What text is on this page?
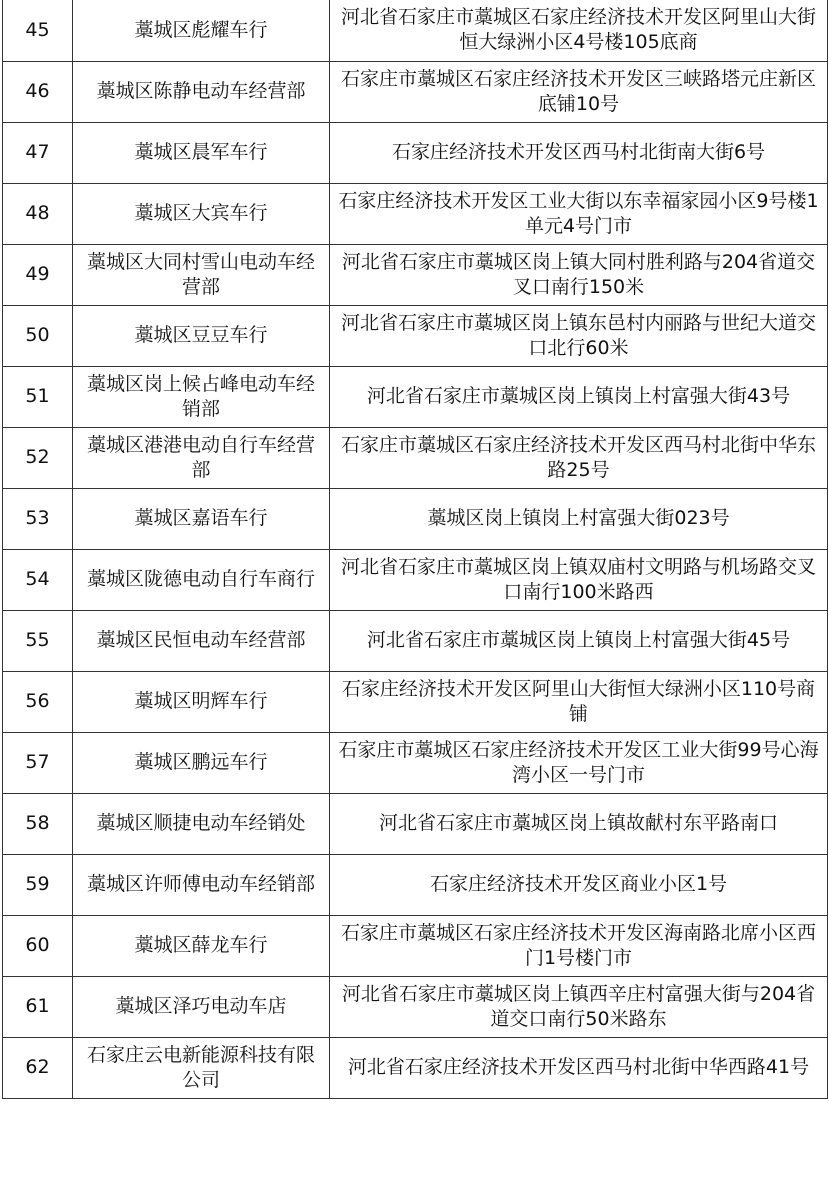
45	藁城区彪耀车行	河北省石家庄市藁城区石家庄经济技术开发区阿里山大街恒大绿洲小区4号楼105底商
46	藁城区陈静电动车经营部	石家庄市藁城区石家庄经济技术开发区三峡路塔元庄新区底铺10号
47	藁城区晨军车行	石家庄经济技术开发区西马村北街南大街6号
48	藁城区大宾车行	石家庄经济技术开发区工业大街以东幸福家园小区9号楼1单元4号门市
49	藁城区大同村雪山电动车经营部	河北省石家庄市藁城区岗上镇大同村胜利路与204省道交叉口南行150米
50	藁城区豆豆车行	河北省石家庄市藁城区岗上镇东邑村内丽路与世纪大道交口北行60米
51	藁城区岗上候占峰电动车经销部	河北省石家庄市藁城区岗上镇岗上村富强大街43号
52	藁城区港港电动自行车经营部	石家庄市藁城区石家庄经济技术开发区西马村北街中华东路25号
53	藁城区嘉语车行	藁城区岗上镇岗上村富强大街023号
54	藁城区陇德电动自行车商行	河北省石家庄市藁城区岗上镇双庙村文明路与机场路交叉口南行100米路西
55	藁城区民恒电动车经营部	河北省石家庄市藁城区岗上镇岗上村富强大街45号
56	藁城区明辉车行	石家庄经济技术开发区阿里山大街恒大绿洲小区110号商铺
57	藁城区鹏远车行	石家庄市藁城区石家庄经济技术开发区工业大街99号心海湾小区一号门市
58	藁城区顺捷电动车经销处	河北省石家庄市藁城区岗上镇故献村东平路南口
59	藁城区许师傅电动车经销部	石家庄经济技术开发区商业小区1号
60	藁城区薛龙车行	石家庄市藁城区石家庄经济技术开发区海南路北席小区西门1号楼门市
61	藁城区泽巧电动车店	河北省石家庄市藁城区岗上镇西辛庄村富强大街与204省道交口南行50米路东
62	石家庄云电新能源科技有限公司	河北省石家庄经济技术开发区西马村北街中华西路41号
